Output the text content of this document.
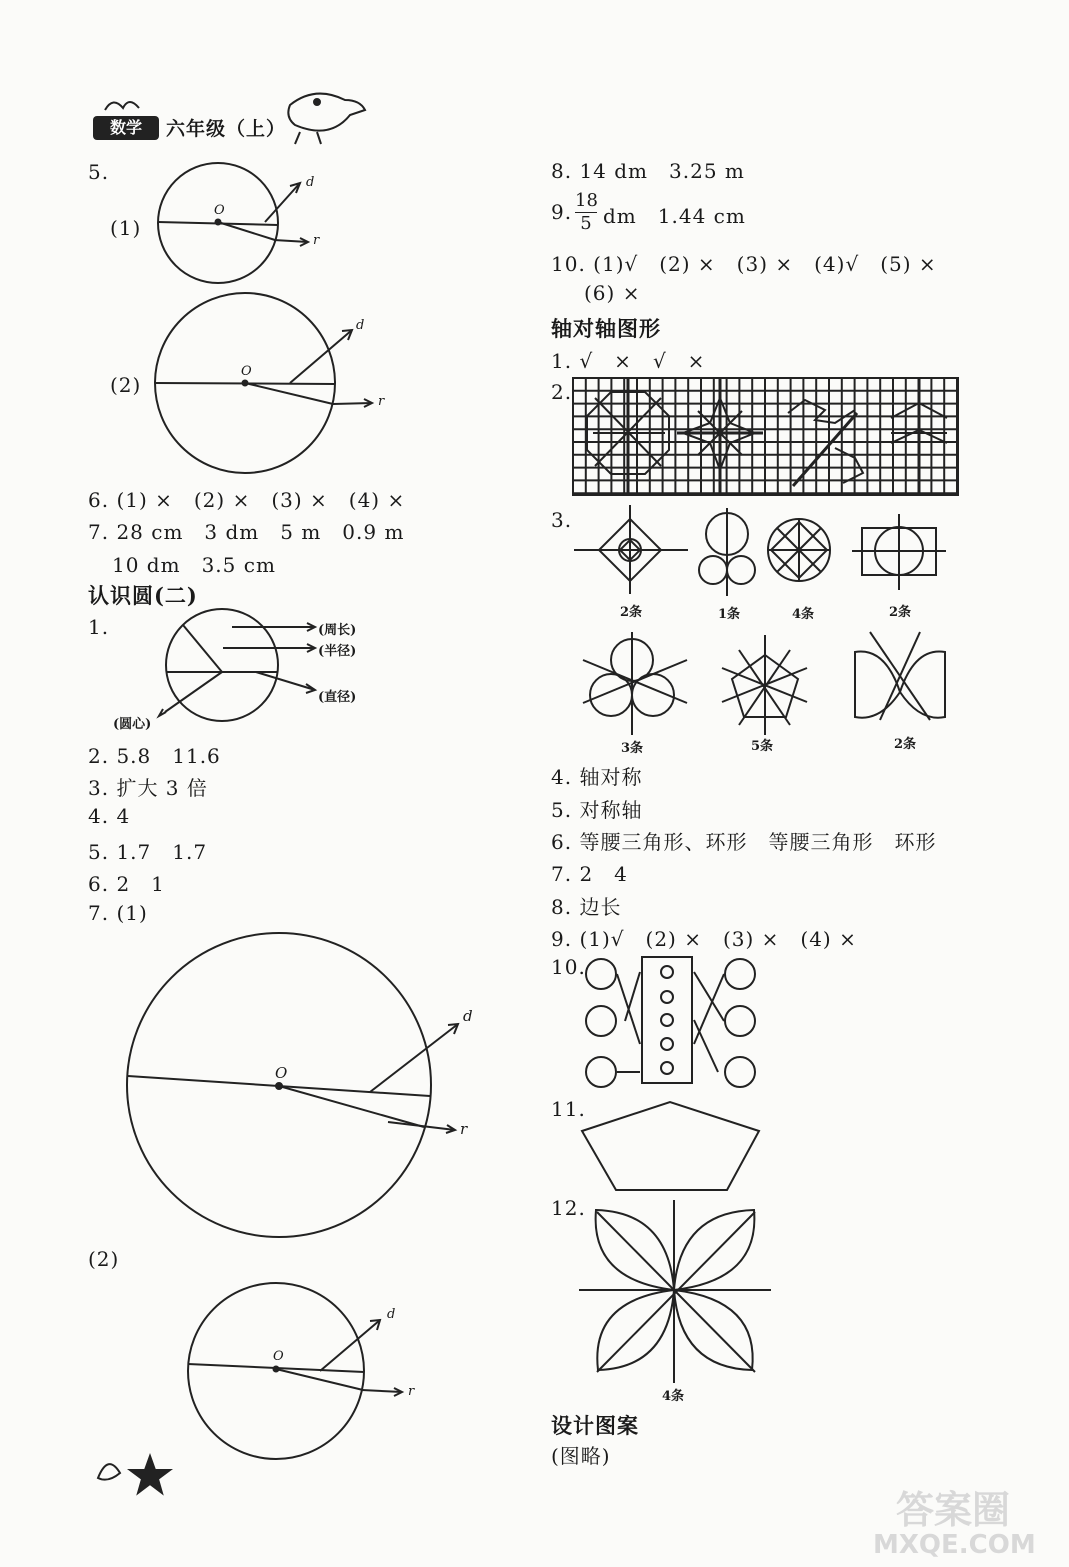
数学	六年级（上）
5.
(1)
O
d
r
(2)
O
d
r
6. (1) ×　(2) ×　(3) ×　(4) ×
7. 28 cm　3 dm　5 m　0.9 m
10 dm　3.5 cm
认识圆(二)
1.	(周长)
(半径)
(直径)
(圆心)
2. 5.8　11.6
3. 扩大 3 倍
4. 4
5. 1.7　1.7
6. 2　1
7. (1)
O
d
r
(2)
O
d
r
8. 14 dm　3.25 m
9. $\frac{18}{5}$ dm　1.44 cm
10. (1)√　(2) ×　(3) ×　(4)√　(5) ×
(6) ×
轴对轴图形
1. √　×　√　×
2.
3.
2条	1条	4条	2条
3条	5条	2条
4. 轴对称
5. 对称轴
6. 等腰三角形、环形　等腰三角形　环形
7. 2　4
8. 边长
9. (1)√　(2) ×　(3) ×　(4) ×
10.
11.
12.
4条
设计图案
(图略)
答案圈
MXQE.COM
